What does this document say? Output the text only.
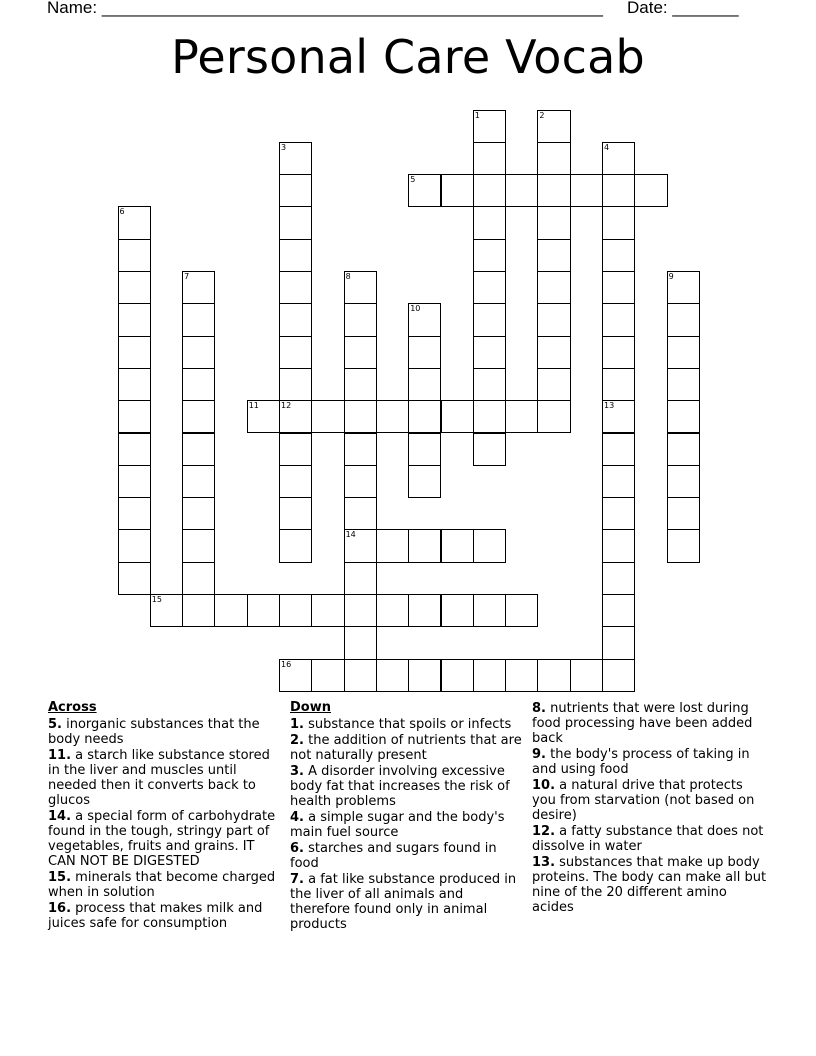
Name: _____________________________________________________ Date: _______
Personal Care Vocab
5
11	12
14
15
16
1	2
3	4
6
7	8	9
10
13
Across
5. inorganic substances that the body needs
11. a starch like substance stored in the liver and muscles until needed then it converts back to glucos
14. a special form of carbohydrate found in the tough, stringy part of vegetables, fruits and grains. IT CAN NOT BE DIGESTED
15. minerals that become charged when in solution
16. process that makes milk and juices safe for consumption
Down
1. substance that spoils or infects
2. the addition of nutrients that are not naturally present
3. A disorder involving excessive body fat that increases the risk of health problems
4. a simple sugar and the body's main fuel source
6. starches and sugars found in food
7. a fat like substance produced in the liver of all animals and therefore found only in animal products
8. nutrients that were lost during food processing have been added back
9. the body's process of taking in and using food
10. a natural drive that protects you from starvation (not based on desire)
12. a fatty substance that does not dissolve in water
13. substances that make up body proteins. The body can make all but nine of the 20 different amino acides
